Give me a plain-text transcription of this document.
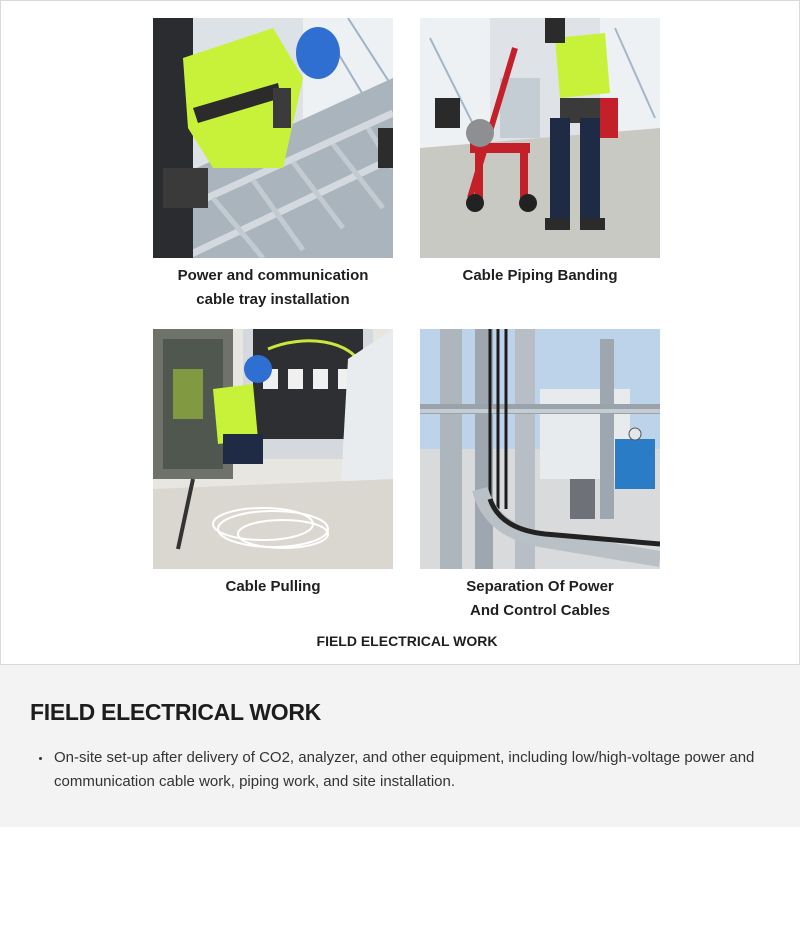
Power and communication
cable tray installation
Cable Piping Banding
Cable Pulling	Separation Of Power
And Control Cables
FIELD ELECTRICAL WORK
FIELD ELECTRICAL WORK
On-site set-up after delivery of CO2, analyzer, and other equipment, including low/high-voltage power and communication cable work, piping work, and site installation.
